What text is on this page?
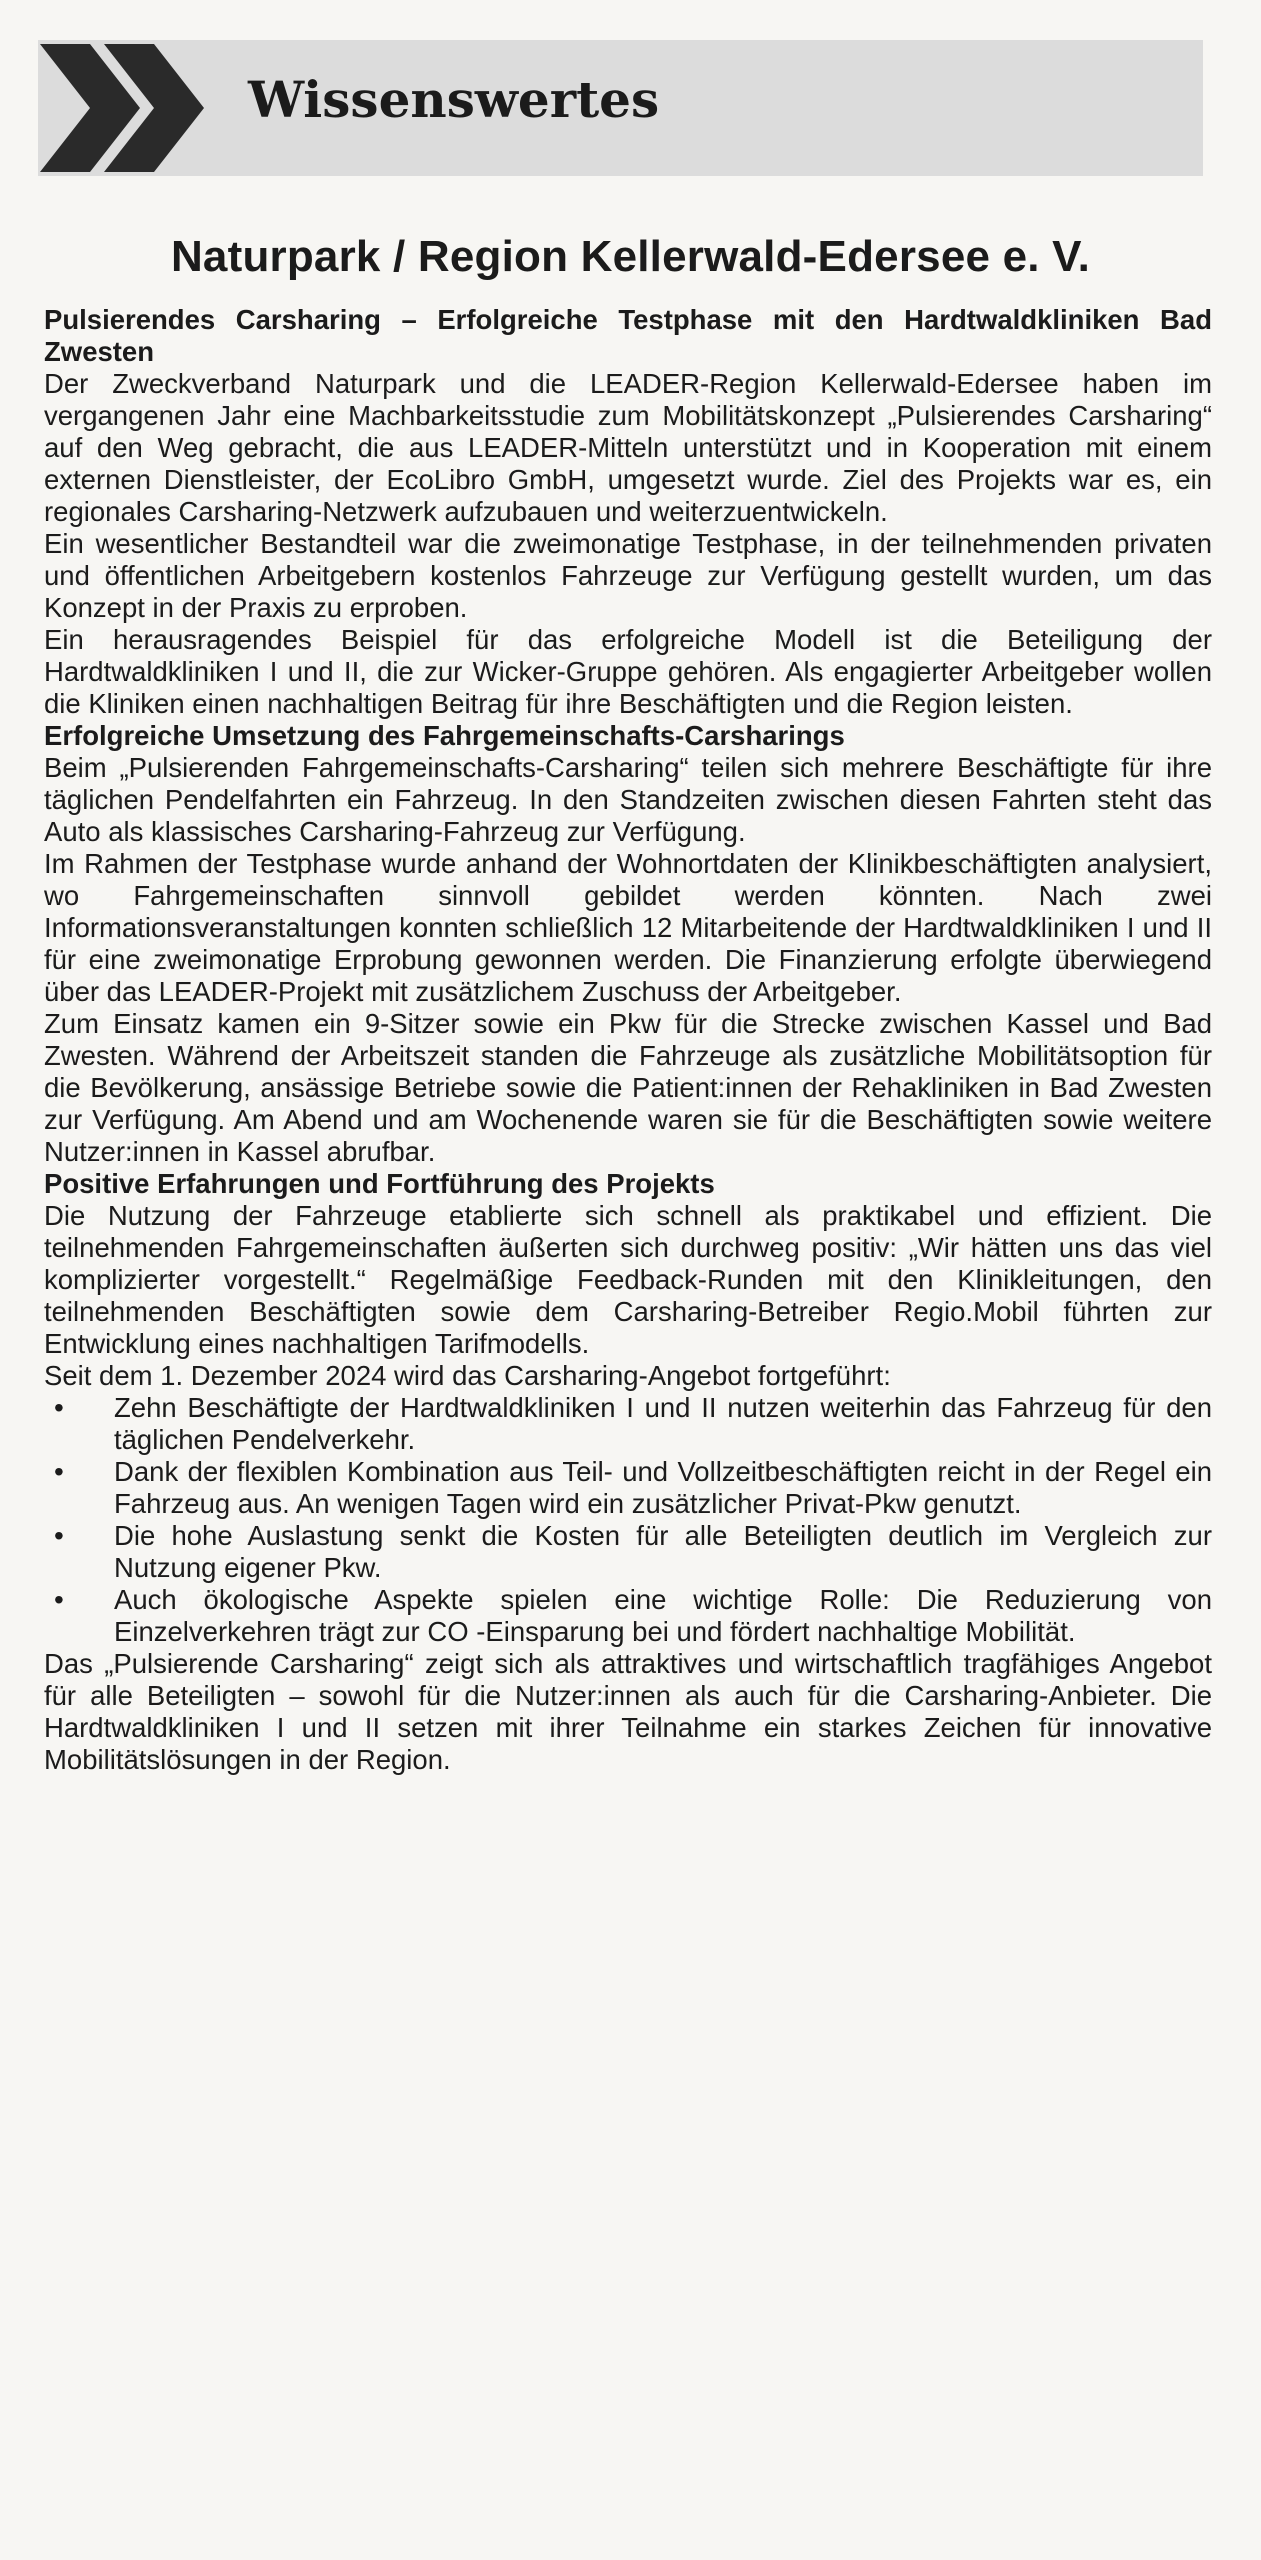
Wissenswertes
Naturpark / Region Kellerwald-Edersee e. V.

Pulsierendes Carsharing – Erfolgreiche Testphase mit den Hardtwaldkliniken Bad Zwesten

Der Zweckverband Naturpark und die LEADER-Region Kellerwald-Edersee haben im vergangenen Jahr eine Machbarkeitsstudie zum Mobilitätskonzept „Pulsierendes Carsharing“ auf den Weg gebracht, die aus LEADER-Mitteln unterstützt und in Kooperation mit einem externen Dienstleister, der EcoLibro GmbH, umgesetzt wurde. Ziel des Projekts war es, ein regionales Carsharing-Netzwerk aufzubauen und weiterzuentwickeln.

Ein wesentlicher Bestandteil war die zweimonatige Testphase, in der teilnehmenden privaten und öffentlichen Arbeitgebern kostenlos Fahrzeuge zur Verfügung gestellt wurden, um das Konzept in der Praxis zu erproben.

Ein herausragendes Beispiel für das erfolgreiche Modell ist die Beteiligung der Hardtwaldkliniken I und II, die zur Wicker-Gruppe gehören. Als engagierter Arbeitgeber wollen die Kliniken einen nachhaltigen Beitrag für ihre Beschäftigten und die Region leisten.

Erfolgreiche Umsetzung des Fahrgemeinschafts-Carsharings

Beim „Pulsierenden Fahrgemeinschafts-Carsharing“ teilen sich mehrere Beschäftigte für ihre täglichen Pendelfahrten ein Fahrzeug. In den Standzeiten zwischen diesen Fahrten steht das Auto als klassisches Carsharing-Fahrzeug zur Verfügung.

Im Rahmen der Testphase wurde anhand der Wohnortdaten der Klinikbeschäftigten analysiert, wo Fahrgemeinschaften sinnvoll gebildet werden könnten. Nach zwei Informationsveranstaltungen konnten schließlich 12 Mitarbeitende der Hardtwaldkliniken I und II für eine zweimonatige Erprobung gewonnen werden. Die Finanzierung erfolgte überwiegend über das LEADER-Projekt mit zusätzlichem Zuschuss der Arbeitgeber.

Zum Einsatz kamen ein 9-Sitzer sowie ein Pkw für die Strecke zwischen Kassel und Bad Zwesten. Während der Arbeitszeit standen die Fahrzeuge als zusätzliche Mobilitätsoption für die Bevölkerung, ansässige Betriebe sowie die Patient:innen der Rehakliniken in Bad Zwesten zur Verfügung. Am Abend und am Wochenende waren sie für die Beschäftigten sowie weitere Nutzer:innen in Kassel abrufbar.

Positive Erfahrungen und Fortführung des Projekts

Die Nutzung der Fahrzeuge etablierte sich schnell als praktikabel und effizient. Die teilnehmenden Fahrgemeinschaften äußerten sich durchweg positiv: „Wir hätten uns das viel komplizierter vorgestellt.“ Regelmäßige Feedback-Runden mit den Klinikleitungen, den teilnehmenden Beschäftigten sowie dem Carsharing-Betreiber Regio.Mobil führten zur Entwicklung eines nachhaltigen Tarifmodells.

Seit dem 1. Dezember 2024 wird das Carsharing-Angebot fortgeführt:

• Zehn Beschäftigte der Hardtwaldkliniken I und II nutzen weiterhin das Fahrzeug für den täglichen Pendelverkehr.
• Dank der flexiblen Kombination aus Teil- und Vollzeitbeschäftigten reicht in der Regel ein Fahrzeug aus. An wenigen Tagen wird ein zusätzlicher Privat-Pkw genutzt.
• Die hohe Auslastung senkt die Kosten für alle Beteiligten deutlich im Vergleich zur Nutzung eigener Pkw.
• Auch ökologische Aspekte spielen eine wichtige Rolle: Die Reduzierung von Einzelverkehren trägt zur CO -Einsparung bei und fördert nachhaltige Mobilität.

Das „Pulsierende Carsharing“ zeigt sich als attraktives und wirtschaftlich tragfähiges Angebot für alle Beteiligten – sowohl für die Nutzer:innen als auch für die Carsharing-Anbieter. Die Hardtwaldkliniken I und II setzen mit ihrer Teilnahme ein starkes Zeichen für innovative Mobilitätslösungen in der Region.
